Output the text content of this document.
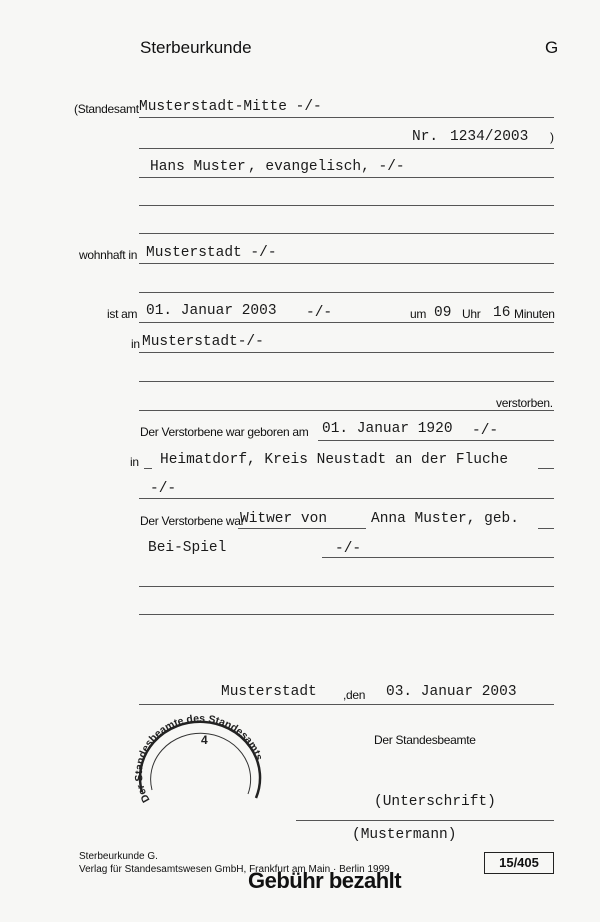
Sterbeurkunde	G
(Standesamt Musterstadt-Mitte -/-
Nr. 1234/2003 )
Hans Muster , evangelisch, -/-
wohnhaft in Musterstadt -/-
ist am 01. Januar 2003 -/-	um 09 Uhr 16 Minuten
in Musterstadt-/-
verstorben.
Der Verstorbene war geboren am 01. Januar 1920 -/-
in Heimatdorf, Kreis Neustadt an der Fluche
-/-
Der Verstorbene war
Witwer von	Anna Muster, geb.
Bei-Spiel	-/-
Musterstadt ,den 03. Januar 2003
Der Standesbeamte
(Unterschrift)
(Mustermann)
Der Standesbeamte des Standesamts
4
Sterbeurkunde G.
Verlag für Standesamtswesen GmbH, Frankfurt am Main · Berlin 1999	15/405
Gebühr bezahlt
